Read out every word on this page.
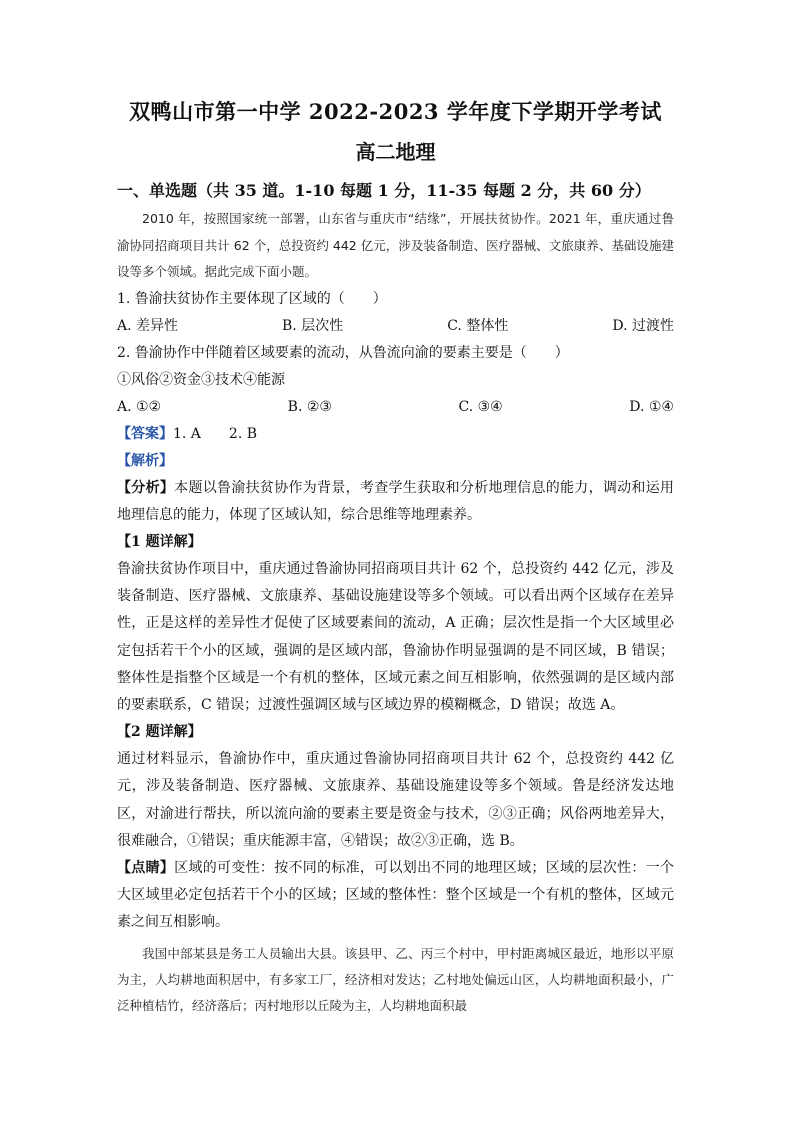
双鸭山市第一中学 2022-2023 学年度下学期开学考试
高二地理
一、单选题（共 35 道。1-10 每题 1 分，11-35 每题 2 分，共 60 分）

2010 年，按照国家统一部署，山东省与重庆市“结缘”，开展扶贫协作。2021 年，重庆通过鲁渝协同招商项目共计 62 个，总投资约 442 亿元，涉及装备制造、医疗器械、文旅康养、基础设施建设等多个领域。据此完成下面小题。

1. 鲁渝扶贫协作主要体现了区域的（　　）

A. 差异性	B. 层次性	C. 整体性	D. 过渡性

2. 鲁渝协作中伴随着区域要素的流动，从鲁流向渝的要素主要是（　　）

①风俗②资金③技术④能源

A. ①②	B. ②③	C. ③④	D. ①④

【答案】1. A　　2. B

【解析】

【分析】本题以鲁渝扶贫协作为背景，考查学生获取和分析地理信息的能力，调动和运用地理信息的能力，体现了区域认知，综合思维等地理素养。

【1 题详解】

鲁渝扶贫协作项目中，重庆通过鲁渝协同招商项目共计 62 个，总投资约 442 亿元，涉及装备制造、医疗器械、文旅康养、基础设施建设等多个领域。可以看出两个区域存在差异性，正是这样的差异性才促使了区域要素间的流动，A 正确；层次性是指一个大区域里必定包括若干个小的区域，强调的是区域内部，鲁渝协作明显强调的是不同区域，B 错误；整体性是指整个区域是一个有机的整体，区域元素之间互相影响，依然强调的是区域内部的要素联系，C 错误；过渡性强调区域与区域边界的模糊概念，D 错误；故选 A。

【2 题详解】

通过材料显示，鲁渝协作中，重庆通过鲁渝协同招商项目共计 62 个，总投资约 442 亿元，涉及装备制造、医疗器械、文旅康养、基础设施建设等多个领域。鲁是经济发达地区，对渝进行帮扶，所以流向渝的要素主要是资金与技术，②③正确；风俗两地差异大，很难融合，①错误；重庆能源丰富，④错误；故②③正确，选 B。

【点睛】区域的可变性：按不同的标准，可以划出不同的地理区域；区域的层次性：一个大区域里必定包括若干个小的区域；区域的整体性：整个区域是一个有机的整体，区域元素之间互相影响。

我国中部某县是务工人员输出大县。该县甲、乙、丙三个村中，甲村距离城区最近，地形以平原为主，人均耕地面积居中，有多家工厂，经济相对发达；乙村地处偏远山区，人均耕地面积最小，广泛种植桔竹，经济落后；丙村地形以丘陵为主，人均耕地面积最
